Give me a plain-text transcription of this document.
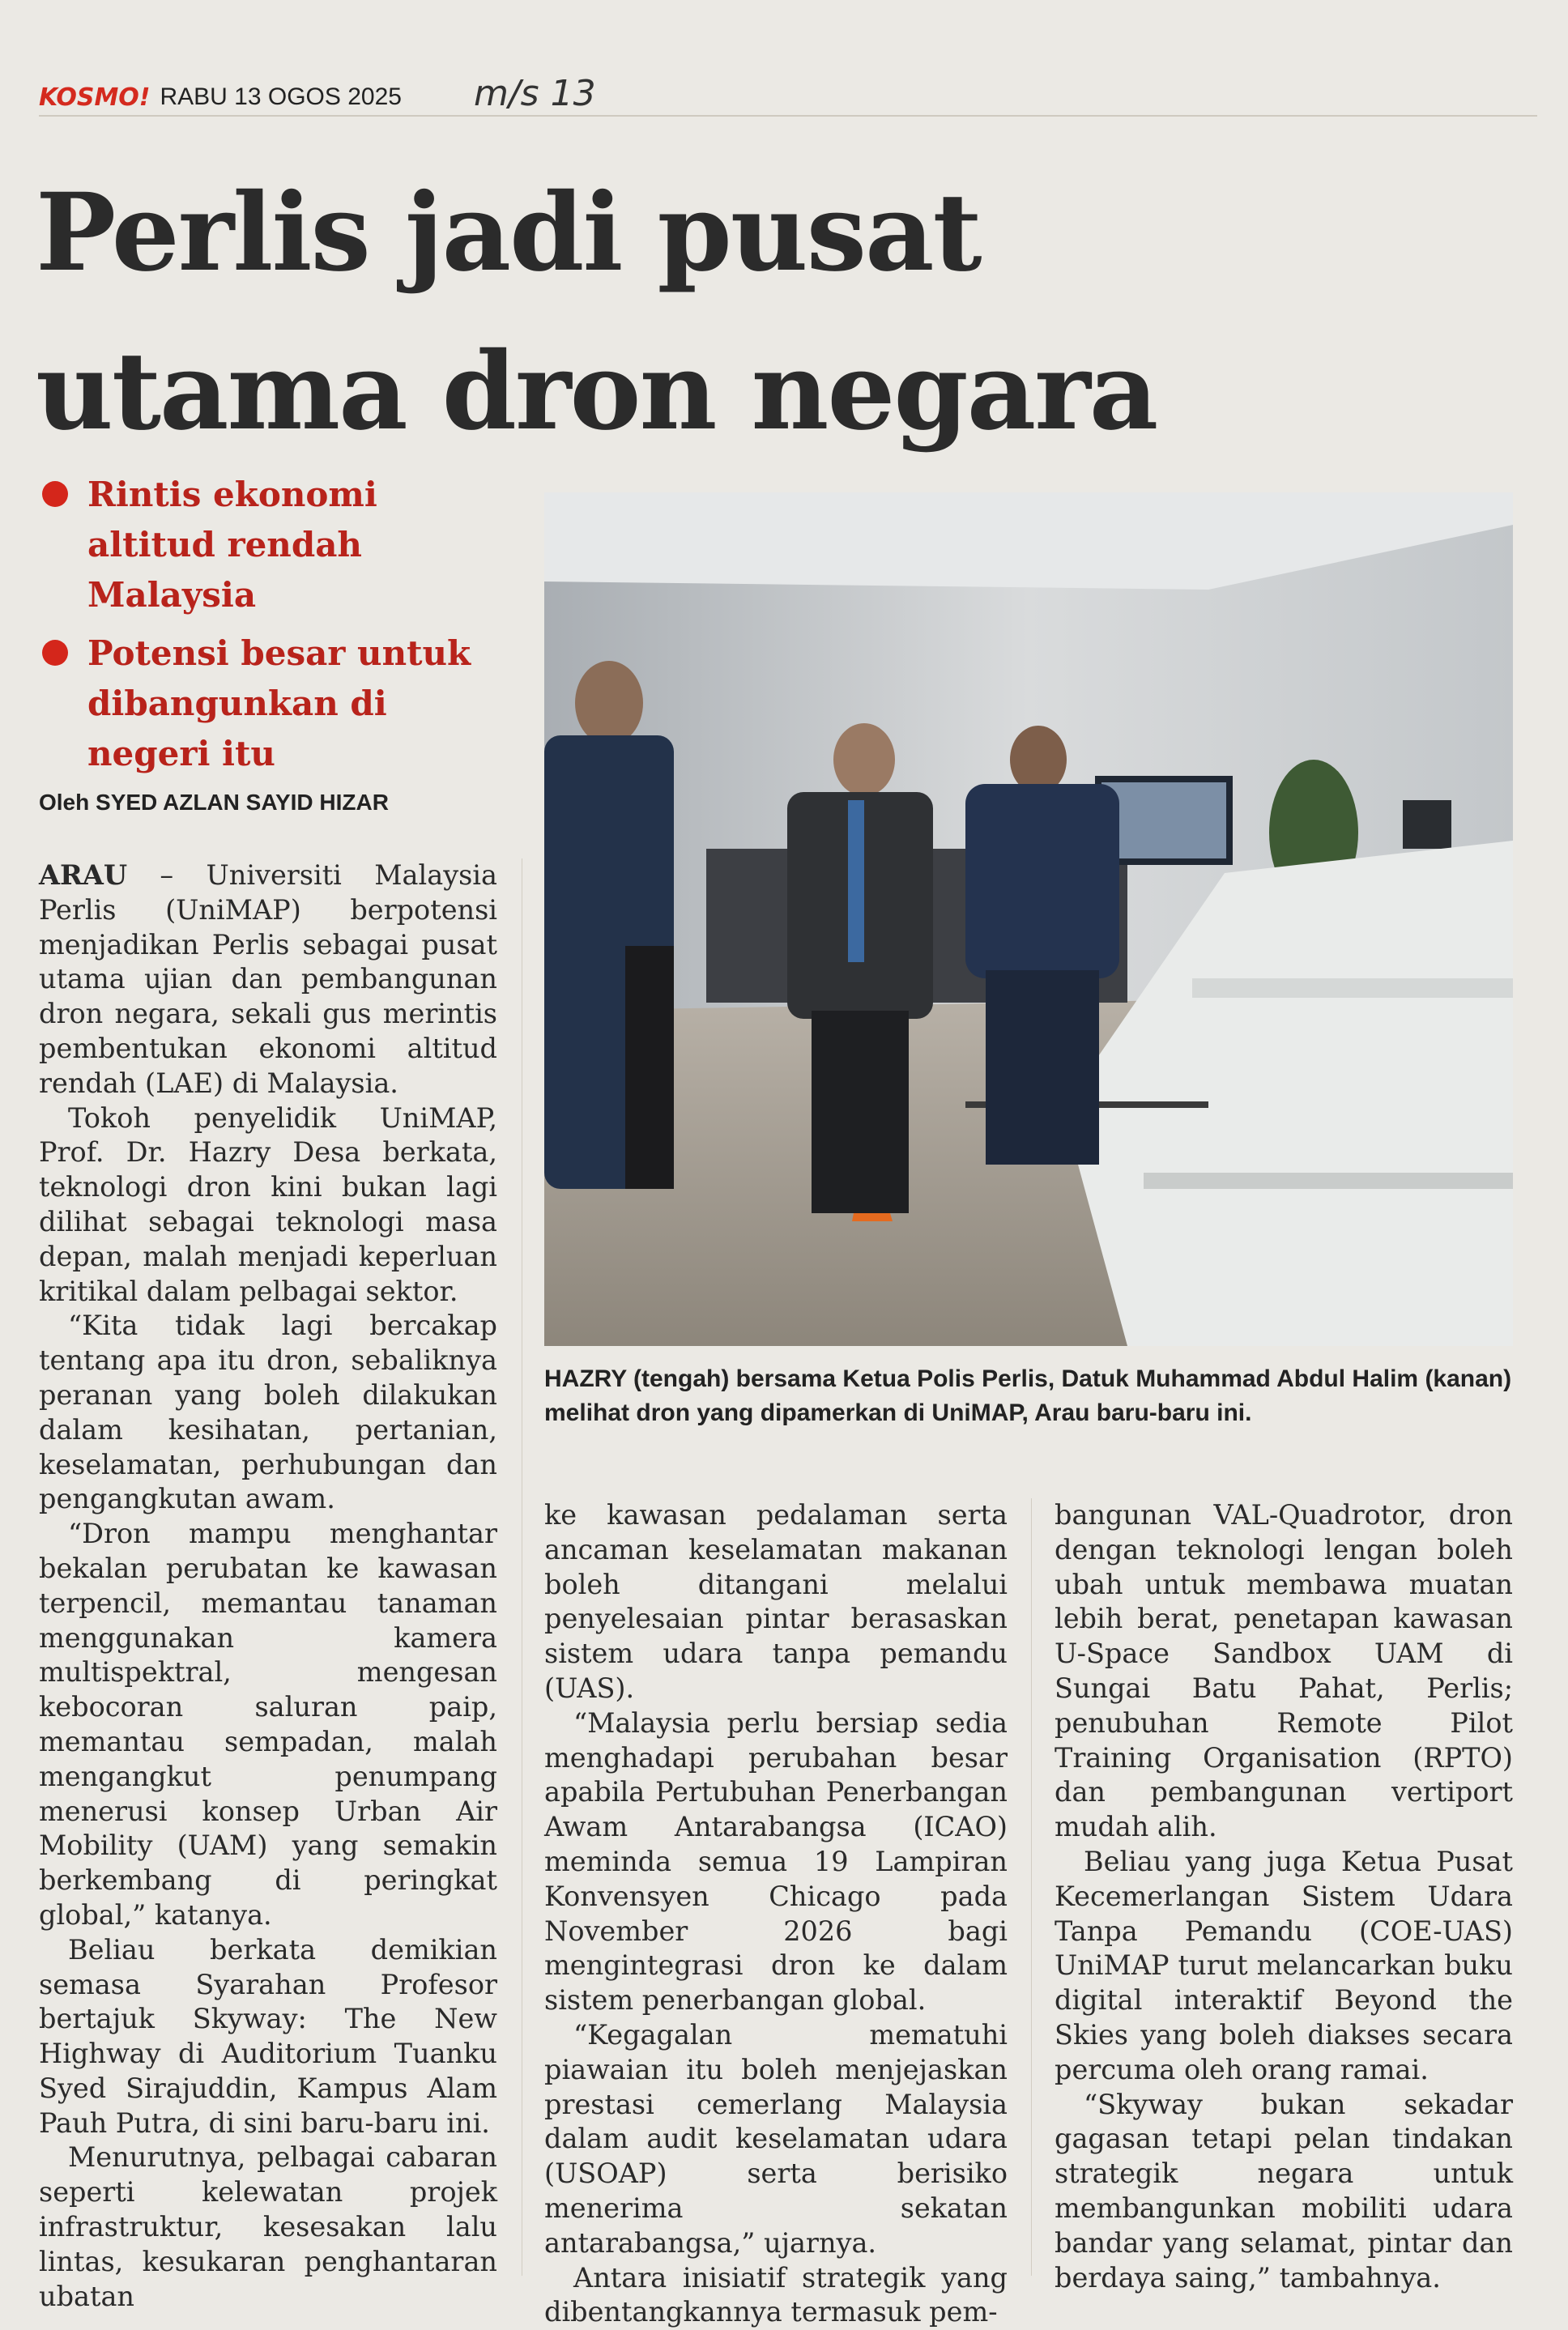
KOSMO! RABU 13 OGOS 2025 m/s 13
Perlis jadi pusat
utama dron negara
Rintis ekonomi altitud rendah Malaysia
Potensi besar untuk dibangunkan di negeri itu
Oleh SYED AZLAN SAYID HIZAR

HAZRY (tengah) bersama Ketua Polis Perlis, Datuk Muhammad Abdul Halim (kanan) melihat dron yang dipamerkan di UniMAP, Arau baru-baru ini.

ARAU – Universiti Malaysia Perlis (UniMAP) berpotensi menjadikan Perlis sebagai pusat utama ujian dan pembangunan dron negara, sekali gus merintis pembentukan ekonomi altitud rendah (LAE) di Malaysia.

Tokoh penyelidik UniMAP, Prof. Dr. Hazry Desa berkata, teknologi dron kini bukan lagi dilihat sebagai teknologi masa depan, malah menjadi keperluan kritikal dalam pelbagai sektor.

“Kita tidak lagi bercakap tentang apa itu dron, sebaliknya peranan yang boleh dilakukan dalam kesihatan, pertanian, keselamatan, perhubungan dan pengangkutan awam.

“Dron mampu menghantar bekalan perubatan ke kawasan terpencil, memantau tanaman menggunakan kamera multispektral, mengesan kebocoran saluran paip, memantau sempadan, malah mengangkut penumpang menerusi konsep Urban Air Mobility (UAM) yang semakin berkembang di peringkat global,” katanya.

Beliau berkata demikian semasa Syarahan Profesor bertajuk Skyway: The New Highway di Auditorium Tuanku Syed Sirajuddin, Kampus Alam Pauh Putra, di sini baru-baru ini.

Menurutnya, pelbagai cabaran seperti kelewatan projek infrastruktur, kesesakan lalu lintas, kesukaran penghantaran ubatan

ke kawasan pedalaman serta ancaman keselamatan makanan boleh ditangani melalui penyelesaian pintar berasaskan sistem udara tanpa pemandu (UAS).

“Malaysia perlu bersiap sedia menghadapi perubahan besar apabila Pertubuhan Penerbangan Awam Antarabangsa (ICAO) meminda semua 19 Lampiran Konvensyen Chicago pada November 2026 bagi mengintegrasi dron ke dalam sistem penerbangan global.

“Kegagalan mematuhi piawaian itu boleh menjejaskan prestasi cemerlang Malaysia dalam audit keselamatan udara (USOAP) serta berisiko menerima sekatan antarabangsa,” ujarnya.

Antara inisiatif strategik yang dibentangkannya termasuk pem-

bangunan VAL-Quadrotor, dron dengan teknologi lengan boleh ubah untuk membawa muatan lebih berat, penetapan kawasan U-Space Sandbox UAM di Sungai Batu Pahat, Perlis; penubuhan Remote Pilot Training Organisation (RPTO) dan pembangunan vertiport mudah alih.

Beliau yang juga Ketua Pusat Kecemerlangan Sistem Udara Tanpa Pemandu (COE-UAS) UniMAP turut melancarkan buku digital interaktif Beyond the Skies yang boleh diakses secara percuma oleh orang ramai.

“Skyway bukan sekadar gagasan tetapi pelan tindakan strategik negara untuk membangunkan mobiliti udara bandar yang selamat, pintar dan berdaya saing,” tambahnya.
